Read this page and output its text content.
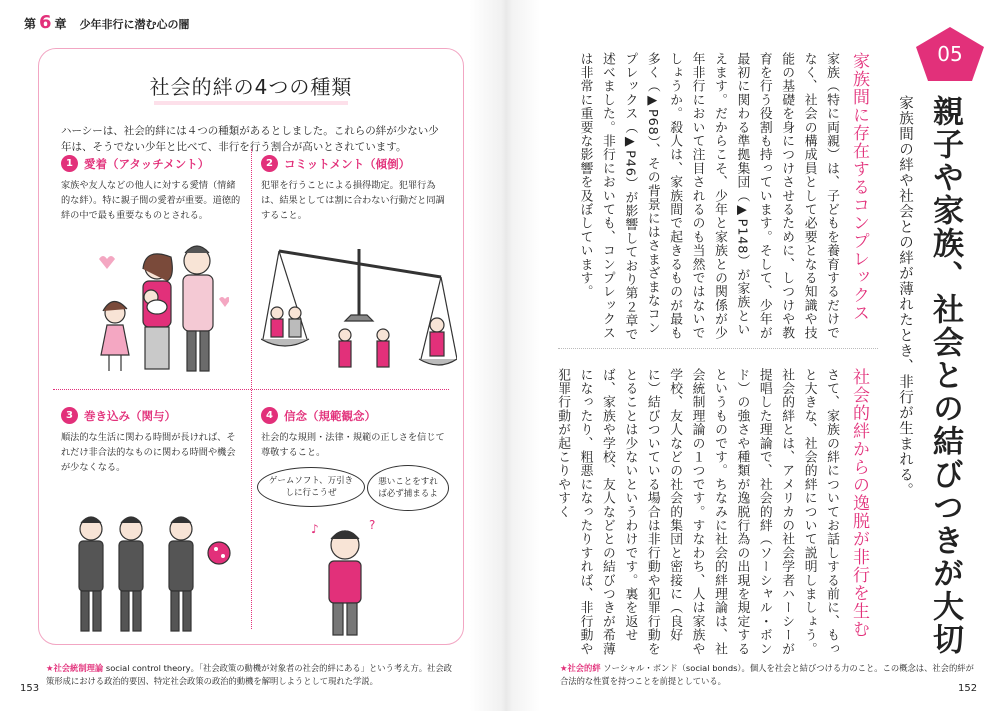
第 6 章 少年非行に潜む心の闇
社会的絆の4つの種類
ハーシーは、社会的絆には４つの種類があるとしました。これらの絆が少ない少年は、そうでない少年と比べて、非行を行う割合が高いとされています。
1 愛着（アタッチメント）
家族や友人などの他人に対する愛情（情緒的な絆）。特に親子間の愛着が重要。道徳的絆の中で最も重要なものとされる。
2 コミットメント（傾倒）
犯罪を行うことによる損得勘定。犯罪行為は、結果としては割に合わない行動だと同調すること。
3 巻き込み（関与）
順法的な生活に関わる時間が長ければ、それだけ非合法的なものに関わる時間や機会が少なくなる。
4 信念（規範観念）
社会的な規則・法律・規範の正しさを信じて尊敬すること。
ゲームソフト、万引きしに行こうぜ
悪いことをすれば必ず捕まるよ
♪	?
★社会統制理論 social control theory。「社会政策の動機が対象者の社会的絆にある」という考え方。社会政策形成における政治的要因、特定社会政策の政治的動機を解明しようとして現れた学説。
153
05
親子や家族、社会との結びつきが大切
家族間の絆や社会との絆が薄れたとき、非行が生まれる。
家族間に存在するコンプレックス
家族（特に両親）は、子どもを養育するだけでなく、社会の構成員として必要となる知識や技能の基礎を身につけさせるために、しつけや教育を行う役割も持っています。そして、少年が最初に関わる準拠集団（▶P148）が家族といえます。だからこそ、少年と家族との関係が少年非行において注目されるのも当然ではないでしょうか。殺人は、家族間で起きるものが最も多く（▶P68）、その背景にはさまざまなコンプレックス（▶P46）が影響しており第２章で述べました。非行においても、コンプレックスは非常に重要な影響を及ぼしています。
社会的絆からの逸脱が非行を生む
さて、家族の絆についてお話しする前に、もっと大きな、社会的絆について説明しましょう。社会的絆とは、アメリカの社会学者ハーシーが提唱した理論で、社会的絆（ソーシャル・ボンド）の強さや種類が逸脱行為の出現を規定するというものです。ちなみに社会的絆理論は、社会統制理論の１つです。すなわち、人は家族や学校、友人などの社会的集団と密接に（良好に）結びついている場合は非行動や犯罪行動をとることは少ないというわけです。裏を返せば、家族や学校、友人などとの結びつきが希薄になったり、粗悪になったりすれば、非行動や犯罪行動が起こりやすく
★社会的絆 ソーシャル・ボンド（social bonds）。個人を社会と結びつける力のこと。この概念は、社会的絆が合法的な性質を持つことを前提としている。
152
